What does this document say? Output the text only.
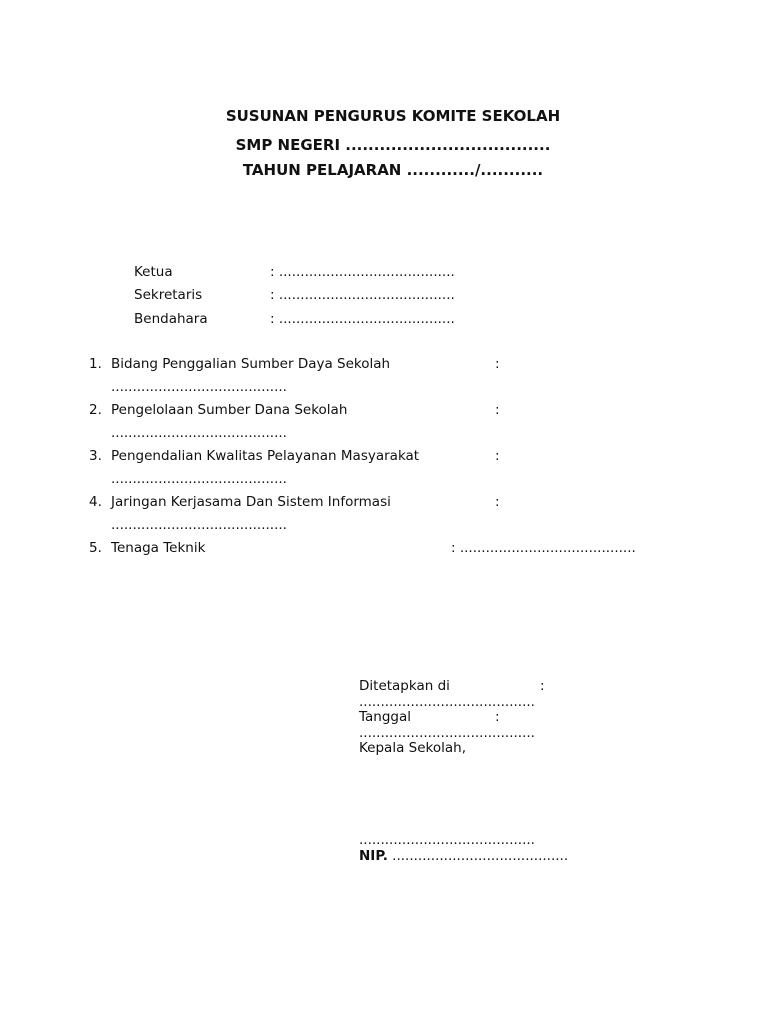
SUSUNAN PENGURUS KOMITE SEKOLAH
SMP NEGERI ....................................
TAHUN PELAJARAN ............/...........
Ketua	: .........................................
Sekretaris	: .........................................
Bendahara	: .........................................
1. Bidang Penggalian Sumber Daya Sekolah	:
.........................................
2. Pengelolaan Sumber Dana Sekolah	:
.........................................
3. Pengendalian Kwalitas Pelayanan Masyarakat	:
.........................................
4. Jaringan Kerjasama Dan Sistem Informasi	:
.........................................
5. Tenaga Teknik	: .........................................
Ditetapkan di	:
.........................................
Tanggal	:
.........................................
Kepala Sekolah,
.........................................
NIP. .........................................
